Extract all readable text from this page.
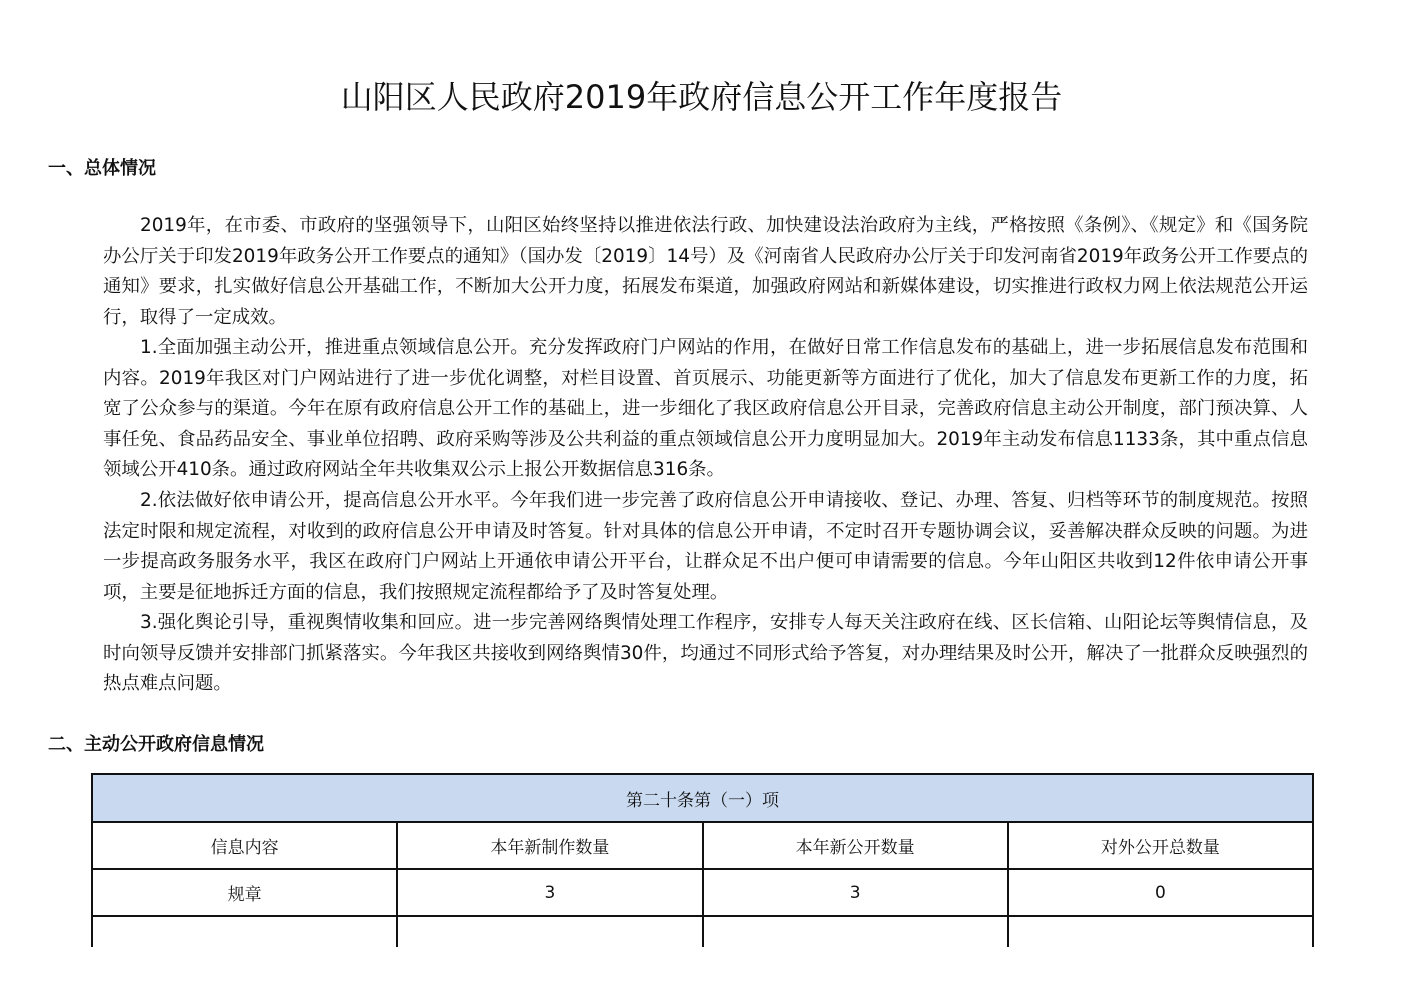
山阳区人民政府2019年政府信息公开工作年度报告
一、总体情况
2019年，在市委、市政府的坚强领导下，山阳区始终坚持以推进依法行政、加快建设法治政府为主线，严格按照《条例》、《规定》和《国务院办公厅关于印发2019年政务公开工作要点的通知》（国办发〔2019〕14号）及《河南省人民政府办公厅关于印发河南省2019年政务公开工作要点的通知》要求，扎实做好信息公开基础工作，不断加大公开力度，拓展发布渠道，加强政府网站和新媒体建设，切实推进行政权力网上依法规范公开运行，取得了一定成效。
1.全面加强主动公开，推进重点领域信息公开。充分发挥政府门户网站的作用，在做好日常工作信息发布的基础上，进一步拓展信息发布范围和内容。2019年我区对门户网站进行了进一步优化调整，对栏目设置、首页展示、功能更新等方面进行了优化，加大了信息发布更新工作的力度，拓宽了公众参与的渠道。今年在原有政府信息公开工作的基础上，进一步细化了我区政府信息公开目录，完善政府信息主动公开制度，部门预决算、人事任免、食品药品安全、事业单位招聘、政府采购等涉及公共利益的重点领域信息公开力度明显加大。2019年主动发布信息1133条，其中重点信息领域公开410条。通过政府网站全年共收集双公示上报公开数据信息316条。
2.依法做好依申请公开，提高信息公开水平。今年我们进一步完善了政府信息公开申请接收、登记、办理、答复、归档等环节的制度规范。按照法定时限和规定流程，对收到的政府信息公开申请及时答复。针对具体的信息公开申请，不定时召开专题协调会议，妥善解决群众反映的问题。为进一步提高政务服务水平，我区在政府门户网站上开通依申请公开平台，让群众足不出户便可申请需要的信息。今年山阳区共收到12件依申请公开事项，主要是征地拆迁方面的信息，我们按照规定流程都给予了及时答复处理。
3.强化舆论引导，重视舆情收集和回应。进一步完善网络舆情处理工作程序，安排专人每天关注政府在线、区长信箱、山阳论坛等舆情信息，及时向领导反馈并安排部门抓紧落实。今年我区共接收到网络舆情30件，均通过不同形式给予答复，对办理结果及时公开，解决了一批群众反映强烈的热点难点问题。
二、主动公开政府信息情况
第二十条第（一）项			
信息内容	本年新制作数量	本年新公开数量	对外公开总数量
规章	3	3	0
